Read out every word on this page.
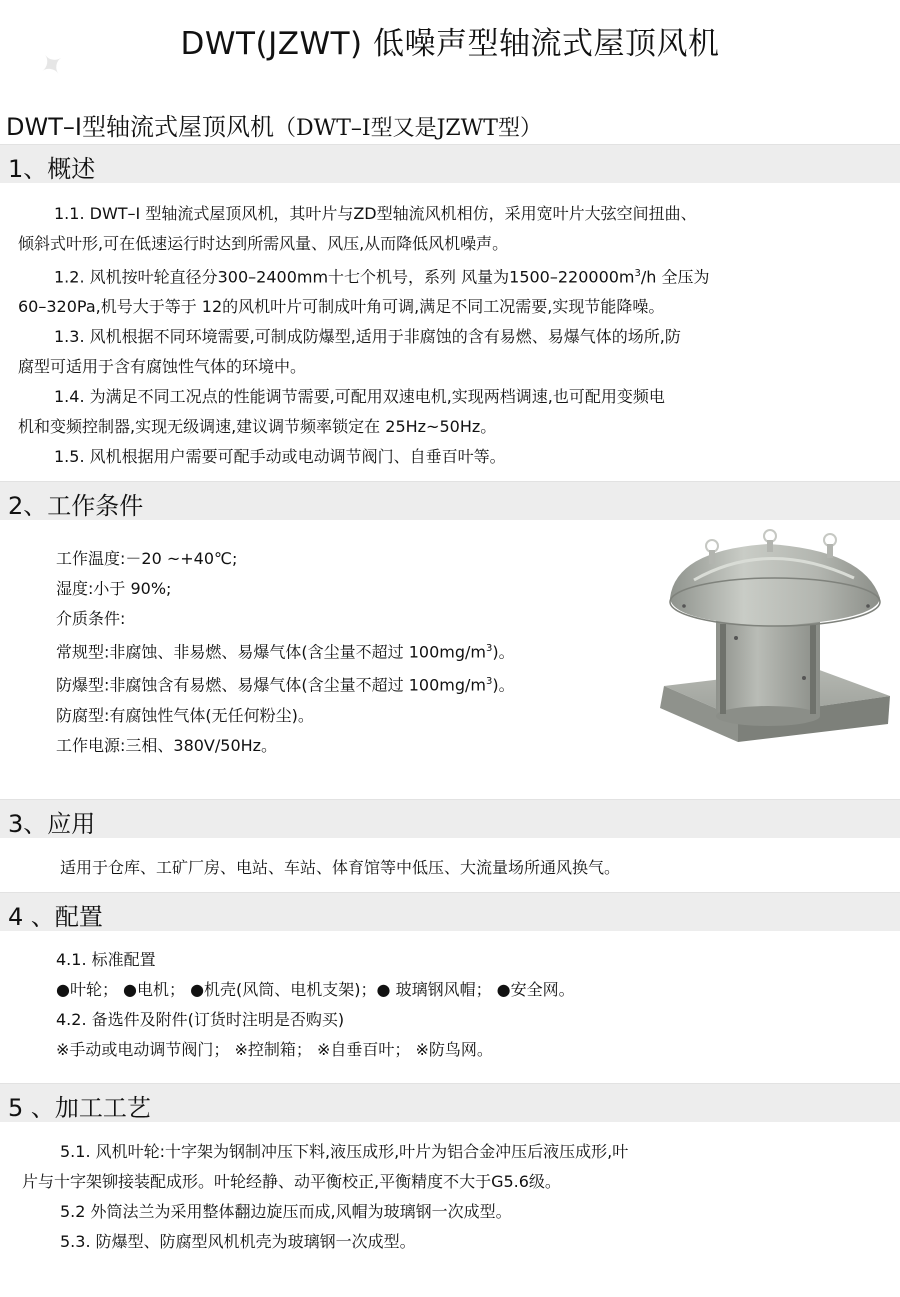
✦	DWT(JZWT) 低噪声型轴流式屋顶风机
DWT–I型轴流式屋顶风机（DWT–I型又是JZWT型）
1、概述
1.1. DWT–I 型轴流式屋顶风机，其叶片与ZD型轴流风机相仿，采用宽叶片大弦空间扭曲、
倾斜式叶形,可在低速运行时达到所需风量、风压,从而降低风机噪声。
1.2. 风机按叶轮直径分300–2400mm十七个机号，系列 风量为$1500-220000m^3/h$ 全压为
60–320Pa,机号大于等于 12的风机叶片可制成叶角可调,满足不同工况需要,实现节能降噪。
1.3. 风机根据不同环境需要,可制成防爆型,适用于非腐蚀的含有易燃、易爆气体的场所,防
腐型可适用于含有腐蚀性气体的环境中。
1.4. 为满足不同工况点的性能调节需要,可配用双速电机,实现两档调速,也可配用变频电
机和变频控制器,实现无级调速,建议调节频率锁定在 25Hz~50Hz。
1.5. 风机根据用户需要可配手动或电动调节阀门、自垂百叶等。
2、工作条件
工作温度:－20 ~+40℃;
湿度:小于 90%;
介质条件:
常规型:非腐蚀、非易燃、易爆气体(含尘量不超过 $100mg/m^3$)。
防爆型:非腐蚀含有易燃、易爆气体(含尘量不超过 $100mg/m^3$)。
防腐型:有腐蚀性气体(无任何粉尘)。
工作电源:三相、380V/50Hz。
3、应用
适用于仓库、工矿厂房、电站、车站、体育馆等中低压、大流量场所通风换气。
4 、配置
4.1. 标准配置
●叶轮； ●电机； ●机壳(风筒、电机支架)；● 玻璃钢风帽； ●安全网。
4.2. 备选件及附件(订货时注明是否购买)
※手动或电动调节阀门； ※控制箱； ※自垂百叶； ※防鸟网。
5 、加工工艺
5.1. 风机叶轮:十字架为钢制冲压下料,液压成形,叶片为铝合金冲压后液压成形,叶
片与十字架铆接装配成形。叶轮经静、动平衡校正,平衡精度不大于G5.6级。
5.2 外筒法兰为采用整体翻边旋压而成,风帽为玻璃钢一次成型。
5.3. 防爆型、防腐型风机机壳为玻璃钢一次成型。
